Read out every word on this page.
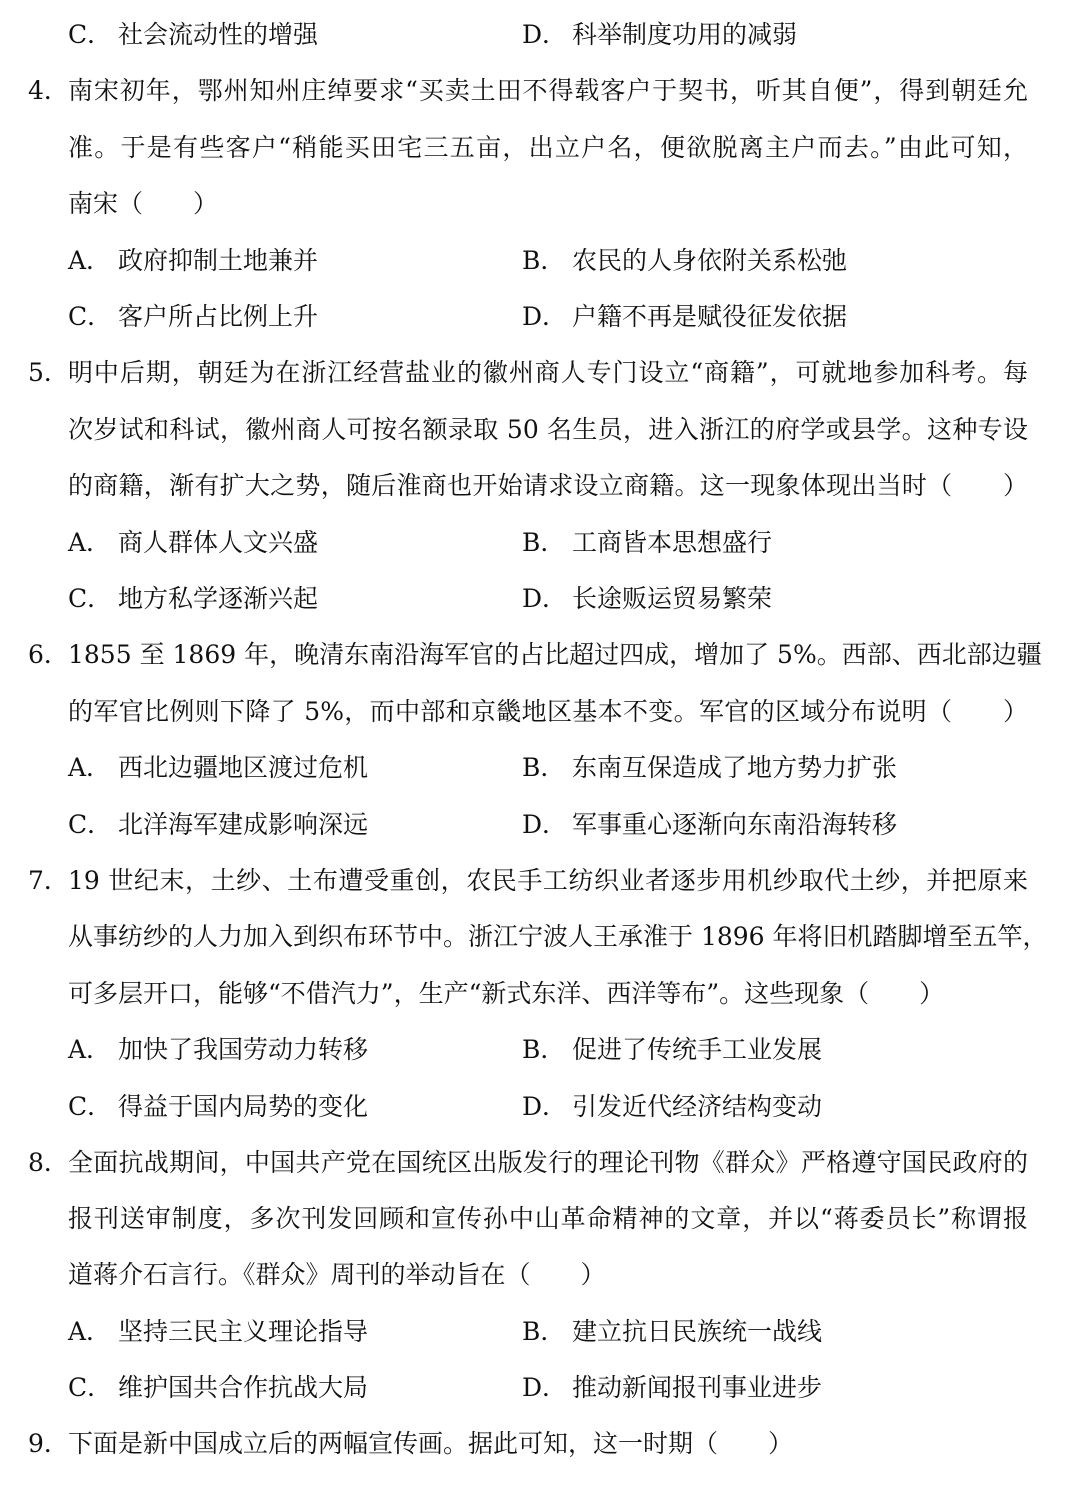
C． 社会流动性的增强	D． 科举制度功用的减弱
4． 南宋初年，鄂州知州庄绰要求“买卖土田不得载客户于契书，听其自便”，得到朝廷允
准。于是有些客户“稍能买田宅三五亩，出立户名，便欲脱离主户而去。”由此可知，
南宋（　　）
A． 政府抑制土地兼并	B． 农民的人身依附关系松弛
C． 客户所占比例上升	D． 户籍不再是赋役征发依据
5． 明中后期，朝廷为在浙江经营盐业的徽州商人专门设立“商籍”，可就地参加科考。每
次岁试和科试，徽州商人可按名额录取 50 名生员，进入浙江的府学或县学。这种专设
的商籍，渐有扩大之势，随后淮商也开始请求设立商籍。这一现象体现出当时（　　）
A． 商人群体人文兴盛	B． 工商皆本思想盛行
C． 地方私学逐渐兴起	D． 长途贩运贸易繁荣
6． 1855 至 1869 年，晚清东南沿海军官的占比超过四成，增加了 5%。西部、西北部边疆
的军官比例则下降了 5%，而中部和京畿地区基本不变。军官的区域分布说明（　　）
A． 西北边疆地区渡过危机	B． 东南互保造成了地方势力扩张
C． 北洋海军建成影响深远	D． 军事重心逐渐向东南沿海转移
7． 19 世纪末，土纱、土布遭受重创，农民手工纺织业者逐步用机纱取代土纱，并把原来
从事纺纱的人力加入到织布环节中。浙江宁波人王承淮于 1896 年将旧机踏脚增至五竿，
可多层开口，能够“不借汽力”，生产“新式东洋、西洋等布”。这些现象（　　）
A． 加快了我国劳动力转移	B． 促进了传统手工业发展
C． 得益于国内局势的变化	D． 引发近代经济结构变动
8． 全面抗战期间，中国共产党在国统区出版发行的理论刊物《群众》严格遵守国民政府的
报刊送审制度，多次刊发回顾和宣传孙中山革命精神的文章，并以“蒋委员长”称谓报
道蒋介石言行。《群众》周刊的举动旨在（　　）
A． 坚持三民主义理论指导	B． 建立抗日民族统一战线
C． 维护国共合作抗战大局	D． 推动新闻报刊事业进步
9． 下面是新中国成立后的两幅宣传画。据此可知，这一时期（　　）
